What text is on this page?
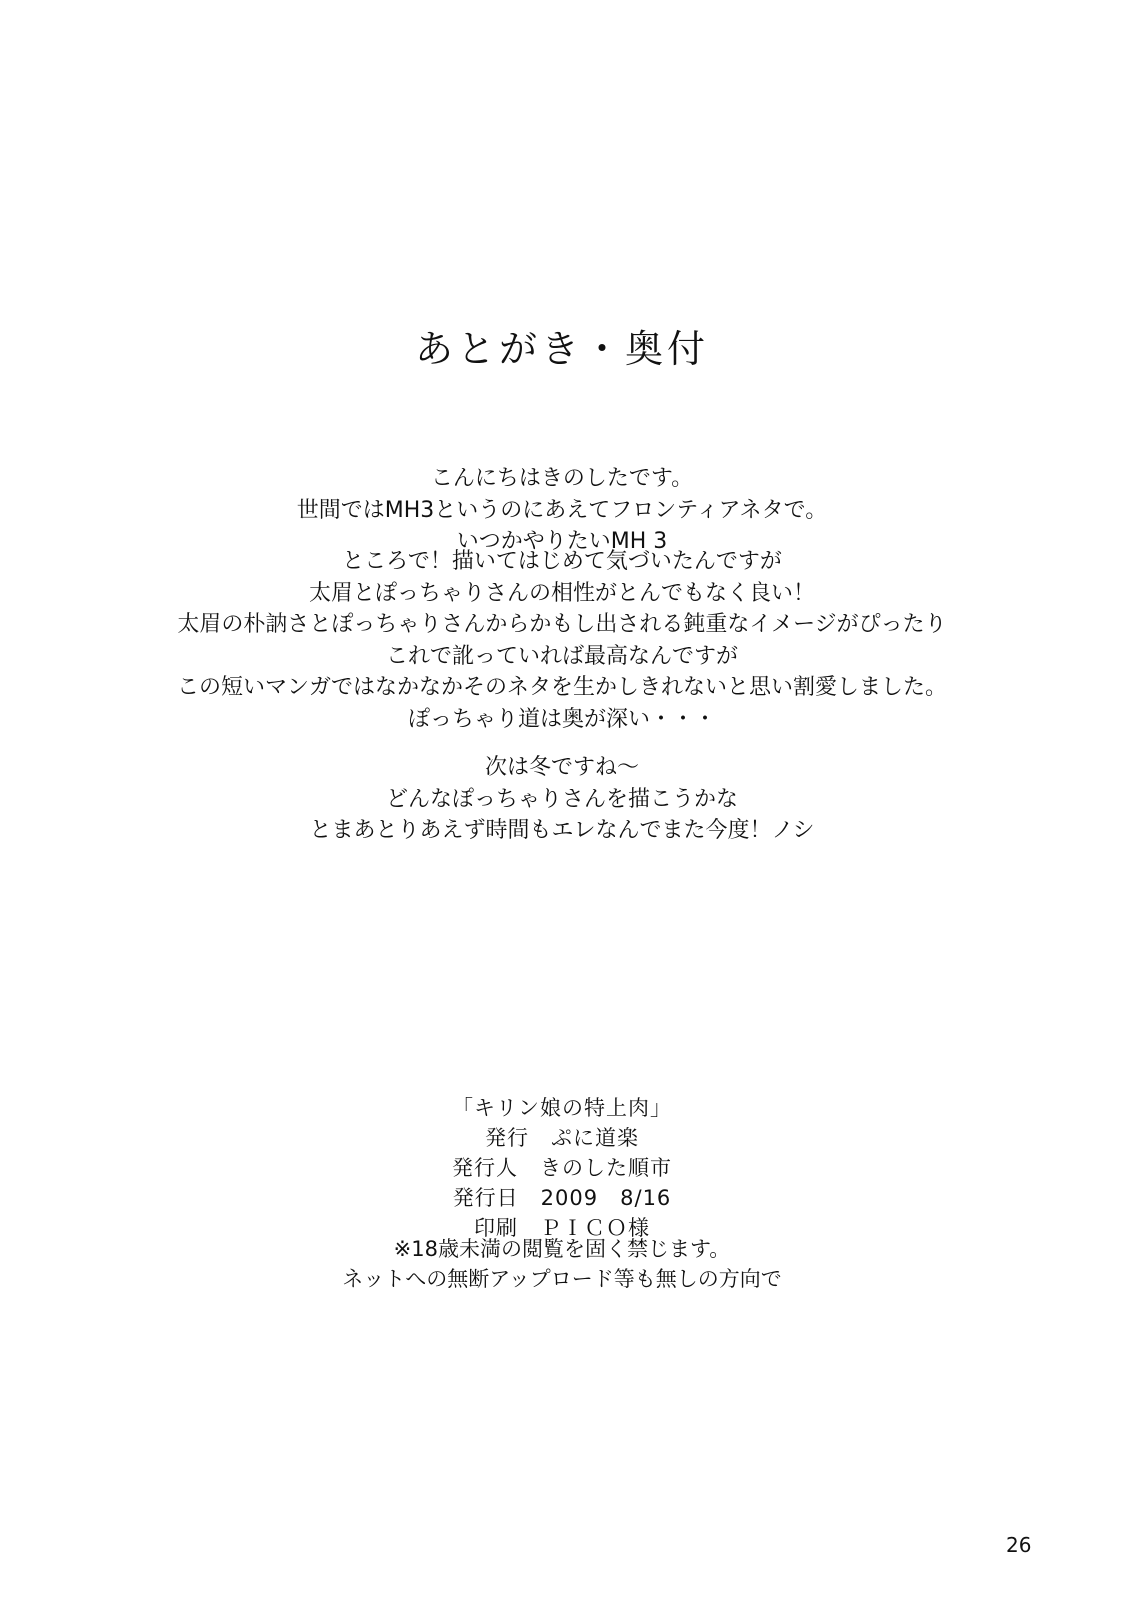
あとがき・奥付
こんにちはきのしたです。
世間ではMH3というのにあえてフロンティアネタで。
いつかやりたいMH 3
ところで！描いてはじめて気づいたんですが
太眉とぽっちゃりさんの相性がとんでもなく良い！
太眉の朴訥さとぽっちゃりさんからかもし出される鈍重なイメージがぴったり
これで訛っていれば最高なんですが
この短いマンガではなかなかそのネタを生かしきれないと思い割愛しました。
ぽっちゃり道は奥が深い・・・
次は冬ですね～
どんなぽっちゃりさんを描こうかな
とまあとりあえず時間もエレなんでまた今度！ノシ
「キリン娘の特上肉」
発行　ぷに道楽
発行人　きのした順市
発行日　2009　8/16
印刷　ＰＩＣＯ様
※18歳未満の閲覧を固く禁じます。
ネットへの無断アップロード等も無しの方向で
26
